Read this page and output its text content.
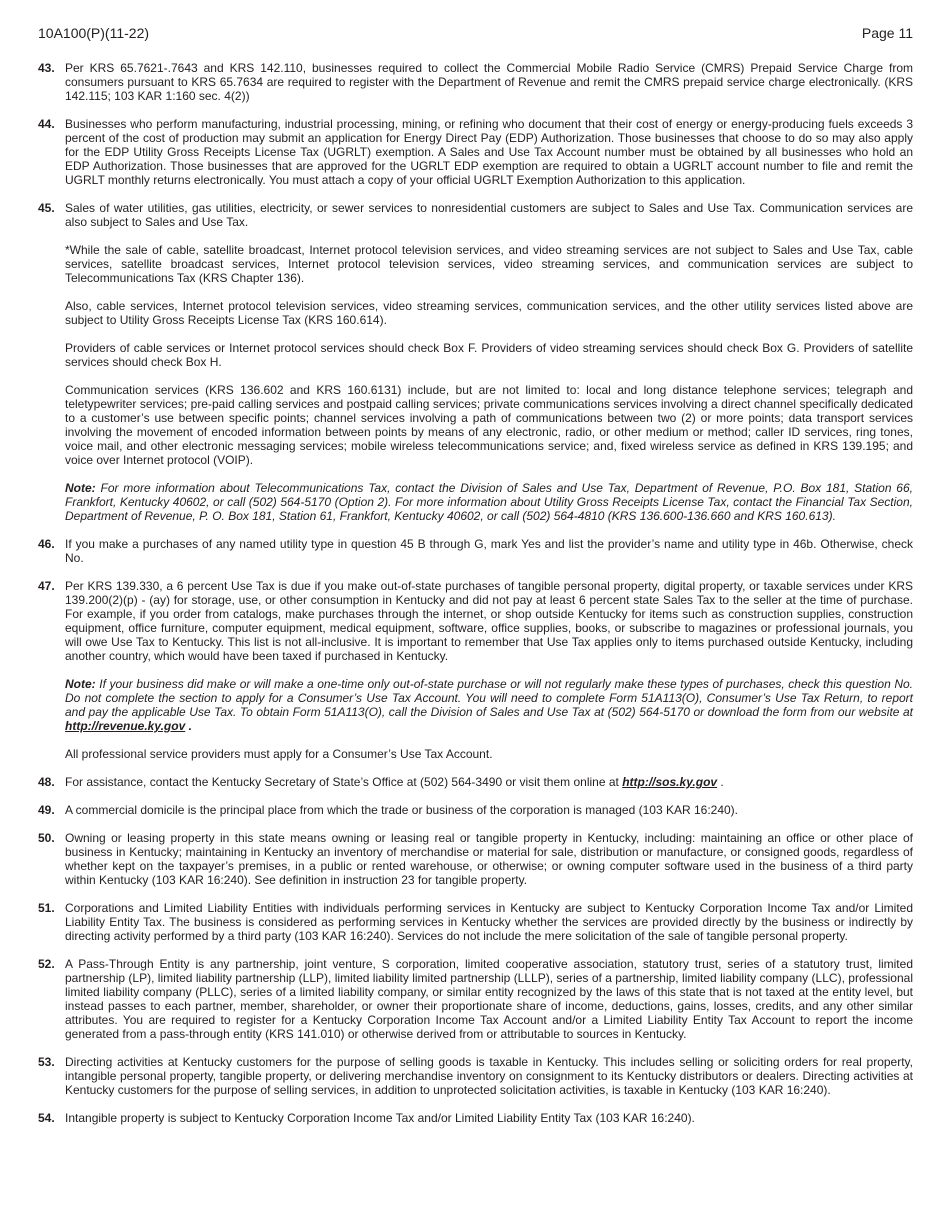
10A100(P)(11-22)	Page 11
43. Per KRS 65.7621-.7643 and KRS 142.110, businesses required to collect the Commercial Mobile Radio Service (CMRS) Prepaid Service Charge from consumers pursuant to KRS 65.7634 are required to register with the Department of Revenue and remit the CMRS prepaid service charge electronically. (KRS 142.115; 103 KAR 1:160 sec. 4(2))

44. Businesses who perform manufacturing, industrial processing, mining, or refining who document that their cost of energy or energy-producing fuels exceeds 3 percent of the cost of production may submit an application for Energy Direct Pay (EDP) Authorization. Those businesses that choose to do so may also apply for the EDP Utility Gross Receipts License Tax (UGRLT) exemption. A Sales and Use Tax Account number must be obtained by all businesses who hold an EDP Authorization. Those businesses that are approved for the UGRLT EDP exemption are required to obtain a UGRLT account number to file and remit the UGRLT monthly returns electronically. You must attach a copy of your official UGRLT Exemption Authorization to this application.

45. Sales of water utilities, gas utilities, electricity, or sewer services to nonresidential customers are subject to Sales and Use Tax. Communication services are also subject to Sales and Use Tax.

*While the sale of cable, satellite broadcast, Internet protocol television services, and video streaming services are not subject to Sales and Use Tax, cable services, satellite broadcast services, Internet protocol television services, video streaming services, and communication services are subject to Telecommunications Tax (KRS Chapter 136).

Also, cable services, Internet protocol television services, video streaming services, communication services, and the other utility services listed above are subject to Utility Gross Receipts License Tax (KRS 160.614).

Providers of cable services or Internet protocol services should check Box F. Providers of video streaming services should check Box G. Providers of satellite services should check Box H.

Communication services (KRS 136.602 and KRS 160.6131) include, but are not limited to: local and long distance telephone services; telegraph and teletypewriter services; pre-paid calling services and postpaid calling services; private communications services involving a direct channel specifically dedicated to a customer’s use between specific points; channel services involving a path of communications between two (2) or more points; data transport services involving the movement of encoded information between points by means of any electronic, radio, or other medium or method; caller ID services, ring tones, voice mail, and other electronic messaging services; mobile wireless telecommunications service; and, fixed wireless service as defined in KRS 139.195; and voice over Internet protocol (VOIP).

Note: For more information about Telecommunications Tax, contact the Division of Sales and Use Tax, Department of Revenue, P.O. Box 181, Station 66, Frankfort, Kentucky 40602, or call (502) 564-5170 (Option 2). For more information about Utility Gross Receipts License Tax, contact the Financial Tax Section, Department of Revenue, P. O. Box 181, Station 61, Frankfort, Kentucky 40602, or call (502) 564-4810 (KRS 136.600-136.660 and KRS 160.613).

46. If you make a purchases of any named utility type in question 45 B through G, mark Yes and list the provider’s name and utility type in 46b. Otherwise, check No.

47. Per KRS 139.330, a 6 percent Use Tax is due if you make out-of-state purchases of tangible personal property, digital property, or taxable services under KRS 139.200(2)(p) - (ay) for storage, use, or other consumption in Kentucky and did not pay at least 6 percent state Sales Tax to the seller at the time of purchase. For example, if you order from catalogs, make purchases through the internet, or shop outside Kentucky for items such as construction supplies, construction equipment, office furniture, computer equipment, medical equipment, software, office supplies, books, or subscribe to magazines or professional journals, you will owe Use Tax to Kentucky. This list is not all-inclusive. It is important to remember that Use Tax applies only to items purchased outside Kentucky, including another country, which would have been taxed if purchased in Kentucky.

Note: If your business did make or will make a one-time only out-of-state purchase or will not regularly make these types of purchases, check this question No. Do not complete the section to apply for a Consumer’s Use Tax Account. You will need to complete Form 51A113(O), Consumer’s Use Tax Return, to report and pay the applicable Use Tax. To obtain Form 51A113(O), call the Division of Sales and Use Tax at (502) 564-5170 or download the form from our website at http://revenue.ky.gov .

All professional service providers must apply for a Consumer’s Use Tax Account.

48. For assistance, contact the Kentucky Secretary of State’s Office at (502) 564-3490 or visit them online at http://sos.ky.gov .

49. A commercial domicile is the principal place from which the trade or business of the corporation is managed (103 KAR 16:240).

50. Owning or leasing property in this state means owning or leasing real or tangible property in Kentucky, including: maintaining an office or other place of business in Kentucky; maintaining in Kentucky an inventory of merchandise or material for sale, distribution or manufacture, or consigned goods, regardless of whether kept on the taxpayer’s premises, in a public or rented warehouse, or otherwise; or owning computer software used in the business of a third party within Kentucky (103 KAR 16:240). See definition in instruction 23 for tangible property.

51. Corporations and Limited Liability Entities with individuals performing services in Kentucky are subject to Kentucky Corporation Income Tax and/or Limited Liability Entity Tax. The business is considered as performing services in Kentucky whether the services are provided directly by the business or indirectly by directing activity performed by a third party (103 KAR 16:240). Services do not include the mere solicitation of the sale of tangible personal property.

52. A Pass-Through Entity is any partnership, joint venture, S corporation, limited cooperative association, statutory trust, series of a statutory trust, limited partnership (LP), limited liability partnership (LLP), limited liability limited partnership (LLLP), series of a partnership, limited liability company (LLC), professional limited liability company (PLLC), series of a limited liability company, or similar entity recognized by the laws of this state that is not taxed at the entity level, but instead passes to each partner, member, shareholder, or owner their proportionate share of income, deductions, gains, losses, credits, and any other similar attributes. You are required to register for a Kentucky Corporation Income Tax Account and/or a Limited Liability Entity Tax Account to report the income generated from a pass-through entity (KRS 141.010) or otherwise derived from or attributable to sources in Kentucky.

53. Directing activities at Kentucky customers for the purpose of selling goods is taxable in Kentucky. This includes selling or soliciting orders for real property, intangible personal property, tangible property, or delivering merchandise inventory on consignment to its Kentucky distributors or dealers. Directing activities at Kentucky customers for the purpose of selling services, in addition to unprotected solicitation activities, is taxable in Kentucky (103 KAR 16:240).

54. Intangible property is subject to Kentucky Corporation Income Tax and/or Limited Liability Entity Tax (103 KAR 16:240).
